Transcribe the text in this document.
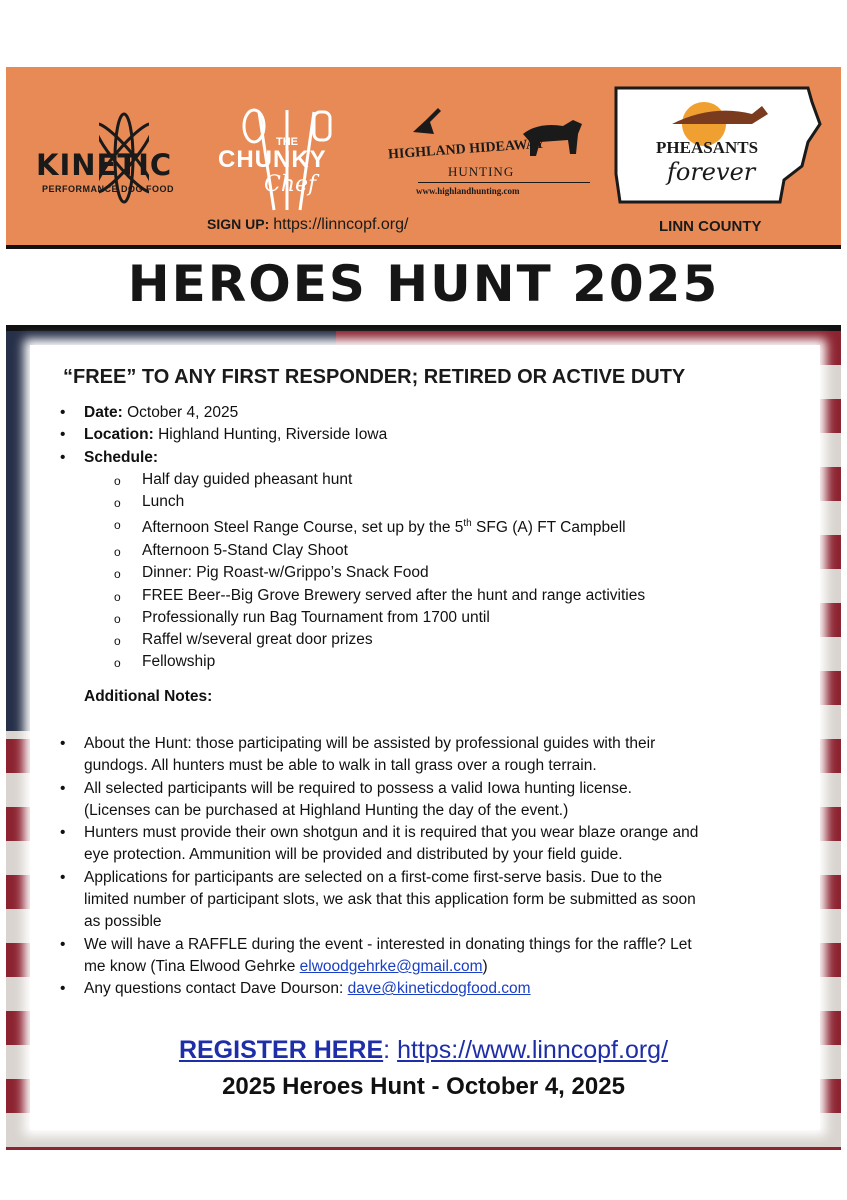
KINETIC
PERFORMANCE DOG FOOD
THE
CHUNKY
Chef
HIGHLAND HIDEAWAY
HUNTING
www.highlandhunting.com
PHEASANTS
forever
LINN COUNTY
SIGN UP: https://linncopf.org/
HEROES HUNT 2025
“FREE” TO ANY FIRST RESPONDER; RETIRED OR ACTIVE DUTY
• Date: October 4, 2025
• Location: Highland Hunting, Riverside Iowa
• Schedule:
o Half day guided pheasant hunt
o Lunch
o Afternoon Steel Range Course, set up by the 5th SFG (A) FT Campbell
o Afternoon 5-Stand Clay Shoot
o Dinner: Pig Roast-w/Grippo’s Snack Food
o FREE Beer--Big Grove Brewery served after the hunt and range activities
o Professionally run Bag Tournament from 1700 until
o Raffel w/several great door prizes
o Fellowship
Additional Notes:
• About the Hunt: those participating will be assisted by professional guides with their gundogs. All hunters must be able to walk in tall grass over a rough terrain.
• All selected participants will be required to possess a valid Iowa hunting license. (Licenses can be purchased at Highland Hunting the day of the event.)
• Hunters must provide their own shotgun and it is required that you wear blaze orange and eye protection. Ammunition will be provided and distributed by your field guide.
• Applications for participants are selected on a first-come first-serve basis. Due to the limited number of participant slots, we ask that this application form be submitted as soon as possible
• We will have a RAFFLE during the event - interested in donating things for the raffle? Let me know (Tina Elwood Gehrke elwoodgehrke@gmail.com)
• Any questions contact Dave Dourson: dave@kineticdogfood.com
REGISTER HERE: https://www.linncopf.org/
2025 Heroes Hunt - October 4, 2025
